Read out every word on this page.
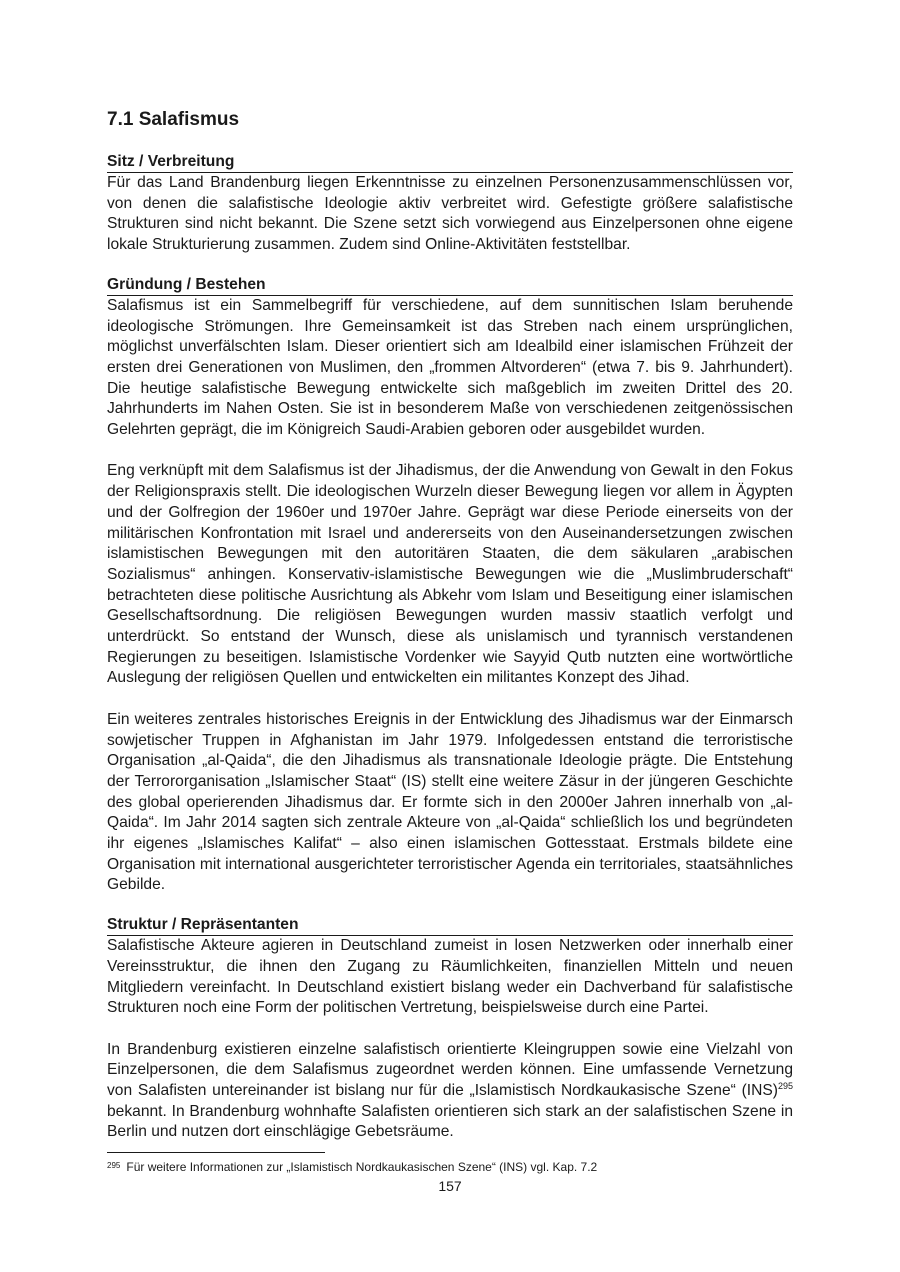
7.1 Salafismus
Sitz / Verbreitung

Für das Land Brandenburg liegen Erkenntnisse zu einzelnen Personenzusammenschlüssen vor, von denen die salafistische Ideologie aktiv verbreitet wird. Gefestigte größere salafistische Strukturen sind nicht bekannt. Die Szene setzt sich vorwiegend aus Einzelpersonen ohne eigene lokale Strukturierung zusammen. Zudem sind Online-Aktivitäten feststellbar.

Gründung / Bestehen

Salafismus ist ein Sammelbegriff für verschiedene, auf dem sunnitischen Islam beruhende ideologische Strömungen. Ihre Gemeinsamkeit ist das Streben nach einem ursprünglichen, möglichst unverfälschten Islam. Dieser orientiert sich am Idealbild einer islamischen Frühzeit der ersten drei Generationen von Muslimen, den „frommen Altvorderen“ (etwa 7. bis 9. Jahrhundert). Die heutige salafistische Bewegung entwickelte sich maßgeblich im zweiten Drittel des 20. Jahrhunderts im Nahen Osten. Sie ist in besonderem Maße von verschiedenen zeitgenössischen Gelehrten geprägt, die im Königreich Saudi-Arabien geboren oder ausgebildet wurden.

Eng verknüpft mit dem Salafismus ist der Jihadismus, der die Anwendung von Gewalt in den Fokus der Religionspraxis stellt. Die ideologischen Wurzeln dieser Bewegung liegen vor allem in Ägypten und der Golfregion der 1960er und 1970er Jahre. Geprägt war diese Periode einerseits von der militärischen Konfrontation mit Israel und andererseits von den Auseinandersetzungen zwischen islamistischen Bewegungen mit den autoritären Staaten, die dem säkularen „arabischen Sozialismus“ anhingen. Konservativ-islamistische Bewegungen wie die „Muslimbruderschaft“ betrachteten diese politische Ausrichtung als Abkehr vom Islam und Beseitigung einer islamischen Gesellschaftsordnung. Die religiösen Bewegungen wurden massiv staatlich verfolgt und unterdrückt. So entstand der Wunsch, diese als unislamisch und tyrannisch verstandenen Regierungen zu beseitigen. Islamistische Vordenker wie Sayyid Qutb nutzten eine wortwörtliche Auslegung der religiösen Quellen und entwickelten ein militantes Konzept des Jihad.

Ein weiteres zentrales historisches Ereignis in der Entwicklung des Jihadismus war der Einmarsch sowjetischer Truppen in Afghanistan im Jahr 1979. Infolgedessen entstand die terroristische Organisation „al-Qaida“, die den Jihadismus als transnationale Ideologie prägte. Die Entstehung der Terrororganisation „Islamischer Staat“ (IS) stellt eine weitere Zäsur in der jüngeren Geschichte des global operierenden Jihadismus dar. Er formte sich in den 2000er Jahren innerhalb von „al-Qaida“. Im Jahr 2014 sagten sich zentrale Akteure von „al-Qaida“ schließlich los und begründeten ihr eigenes „Islamisches Kalifat“ – also einen islamischen Gottesstaat. Erstmals bildete eine Organisation mit international ausgerichteter terroristischer Agenda ein territoriales, staatsähnliches Gebilde.

Struktur / Repräsentanten

Salafistische Akteure agieren in Deutschland zumeist in losen Netzwerken oder innerhalb einer Vereinsstruktur, die ihnen den Zugang zu Räumlichkeiten, finanziellen Mitteln und neuen Mitgliedern vereinfacht. In Deutschland existiert bislang weder ein Dachverband für salafistische Strukturen noch eine Form der politischen Vertretung, beispielsweise durch eine Partei.

In Brandenburg existieren einzelne salafistisch orientierte Kleingruppen sowie eine Vielzahl von Einzelpersonen, die dem Salafismus zugeordnet werden können. Eine umfassende Vernetzung von Salafisten untereinander ist bislang nur für die „Islamistisch Nordkaukasische Szene“ (INS)$^{295}$ bekannt. In Brandenburg wohnhafte Salafisten orientieren sich stark an der salafistischen Szene in Berlin und nutzen dort einschlägige Gebetsräume.

$^{295}$ Für weitere Informationen zur „Islamistisch Nordkaukasischen Szene“ (INS) vgl. Kap. 7.2
157
